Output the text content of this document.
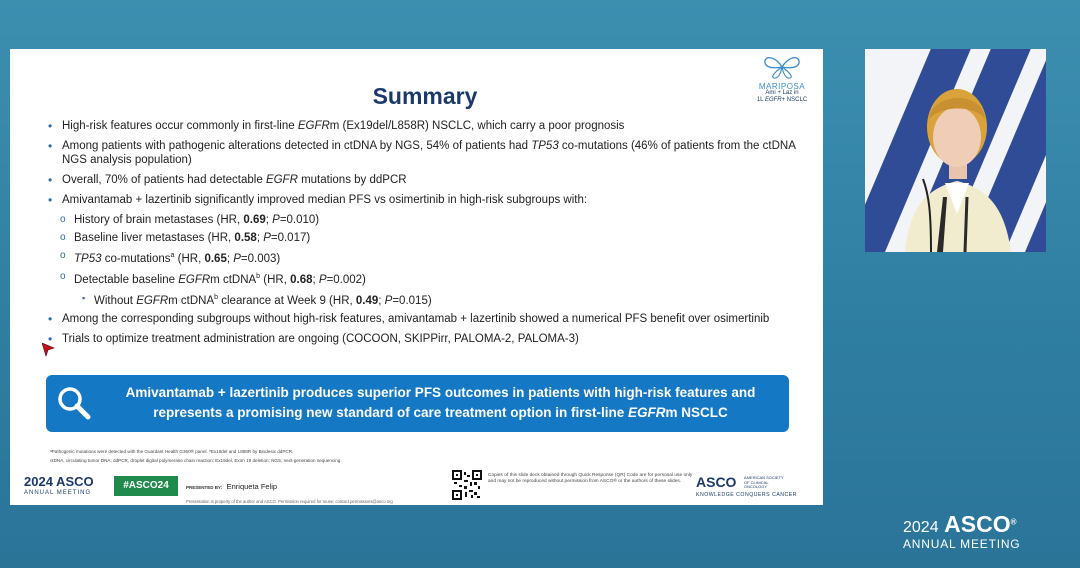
Summary	MARIPOSA
Ami + Laz in
1L EGFR+ NSCLC
• High-risk features occur commonly in first-line EGFRm (Ex19del/L858R) NSCLC, which carry a poor prognosis
• Among patients with pathogenic alterations detected in ctDNA by NGS, 54% of patients had TP53 co-mutations (46% of patients from the ctDNA NGS analysis population)
• Overall, 70% of patients had detectable EGFR mutations by ddPCR
• Amivantamab + lazertinib significantly improved median PFS vs osimertinib in high-risk subgroups with:
o History of brain metastases (HR, 0.69; P=0.010)
o Baseline liver metastases (HR, 0.58; P=0.017)
o TP53 co-mutations$^a$ (HR, 0.65; P=0.003)
o Detectable baseline EGFRm ctDNA$^b$ (HR, 0.68; P=0.002)
▪ Without EGFRm ctDNA$^b$ clearance at Week 9 (HR, 0.49; P=0.015)
• Among the corresponding subgroups without high-risk features, amivantamab + lazertinib showed a numerical PFS benefit over osimertinib
• Trials to optimize treatment administration are ongoing (COCOON, SKIPPirr, PALOMA-2, PALOMA-3)
Amivantamab + lazertinib produces superior PFS outcomes in patients with high-risk features and
represents a promising new standard of care treatment option in first-line EGFRm NSCLC
ᵃPathogenic mutations were detected with the Guardant Health G360® panel. ᵇEx19del and L858R by Biodesix ddPCR.
ctDNA, circulating tumor DNA; ddPCR, droplet digital polymerase chain reaction; Ex19del, Exon 19 deletion; NGS, next-generation sequencing.
2024 ASCO
ANNUAL MEETING
#ASCO24	PRESENTED BY: Enriqueta Felip
Presentation is property of the author and ASCO. Permission required for reuse; contact permissions@asco.org
Copies of this slide deck obtained through Quick Response (QR) Code are for personal use only and may not be reproduced without permission from ASCO® or the authors of these slides.	ASCO AMERICAN SOCIETY OF CLINICAL ONCOLOGY
KNOWLEDGE CONQUERS CANCER
2024 ASCO®
ANNUAL MEETING
